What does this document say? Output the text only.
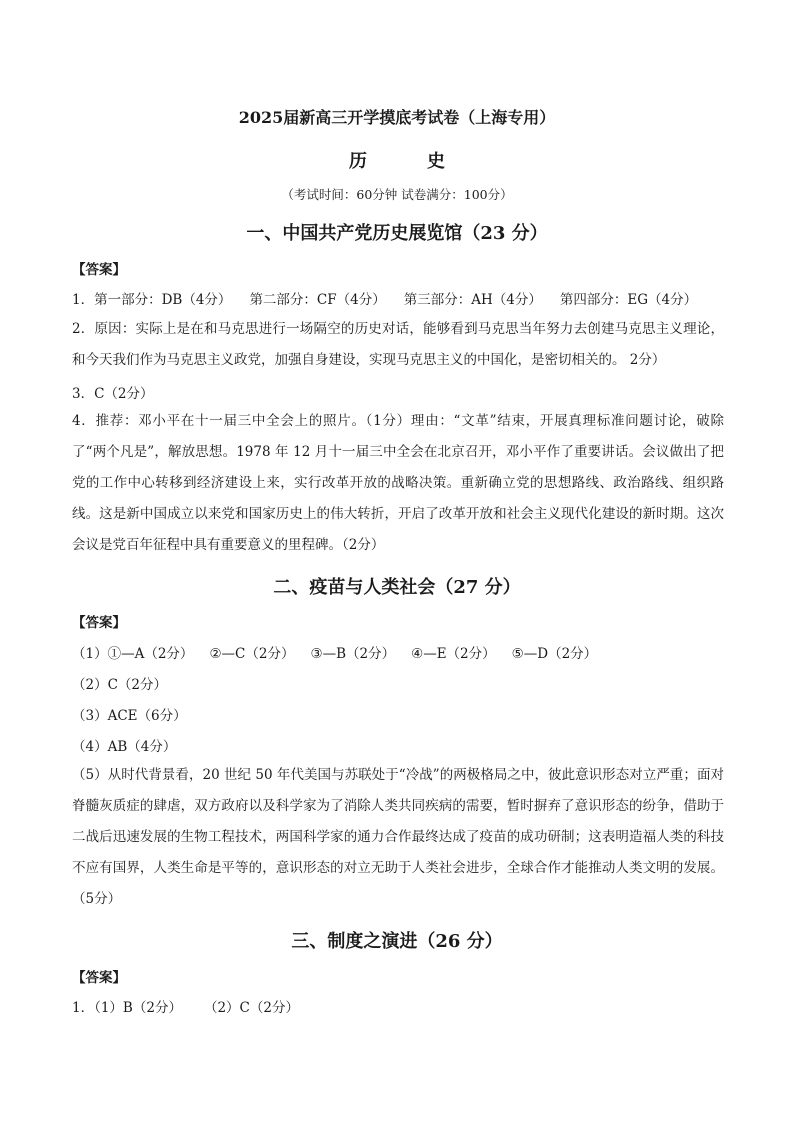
2025届新高三开学摸底考试卷（上海专用）
历	史
（考试时间：60分钟 试卷满分：100分）
一、中国共产党历史展览馆（23 分）
【答案】
1．第一部分：DB（4分） 第二部分：CF（4分） 第三部分：AH（4分） 第四部分：EG（4分）
2．原因：实际上是在和马克思进行一场隔空的历史对话，能够看到马克思当年努力去创建马克思主义理论，和今天我们作为马克思主义政党，加强自身建设，实现马克思主义的中国化，是密切相关的。 2分）
3．C（2分）
4．推荐：邓小平在十一届三中全会上的照片。（1分）理由：“文革”结束，开展真理标准问题讨论，破除了“两个凡是”，解放思想。1978 年 12 月十一届三中全会在北京召开，邓小平作了重要讲话。会议做出了把党的工作中心转移到经济建设上来，实行改革开放的战略决策。重新确立党的思想路线、政治路线、组织路线。这是新中国成立以来党和国家历史上的伟大转折，开启了改革开放和社会主义现代化建设的新时期。这次会议是党百年征程中具有重要意义的里程碑。（2分）
二、疫苗与人类社会（27 分）
【答案】
（1）①—A（2分） ②—C（2分） ③—B（2分） ④—E（2分） ⑤—D（2分）
（2）C（2分）
（3）ACE（6分）
（4）AB（4分）
（5）从时代背景看，20 世纪 50 年代美国与苏联处于“冷战”的两极格局之中，彼此意识形态对立严重；面对脊髓灰质症的肆虐，双方政府以及科学家为了消除人类共同疾病的需要，暂时摒弃了意识形态的纷争，借助于二战后迅速发展的生物工程技术，两国科学家的通力合作最终达成了疫苗的成功研制；这表明造福人类的科技不应有国界，人类生命是平等的，意识形态的对立无助于人类社会进步，全球合作才能推动人类文明的发展。（5分）
三、制度之演进（26 分）
【答案】
1．（1）B（2分） （2）C（2分）
